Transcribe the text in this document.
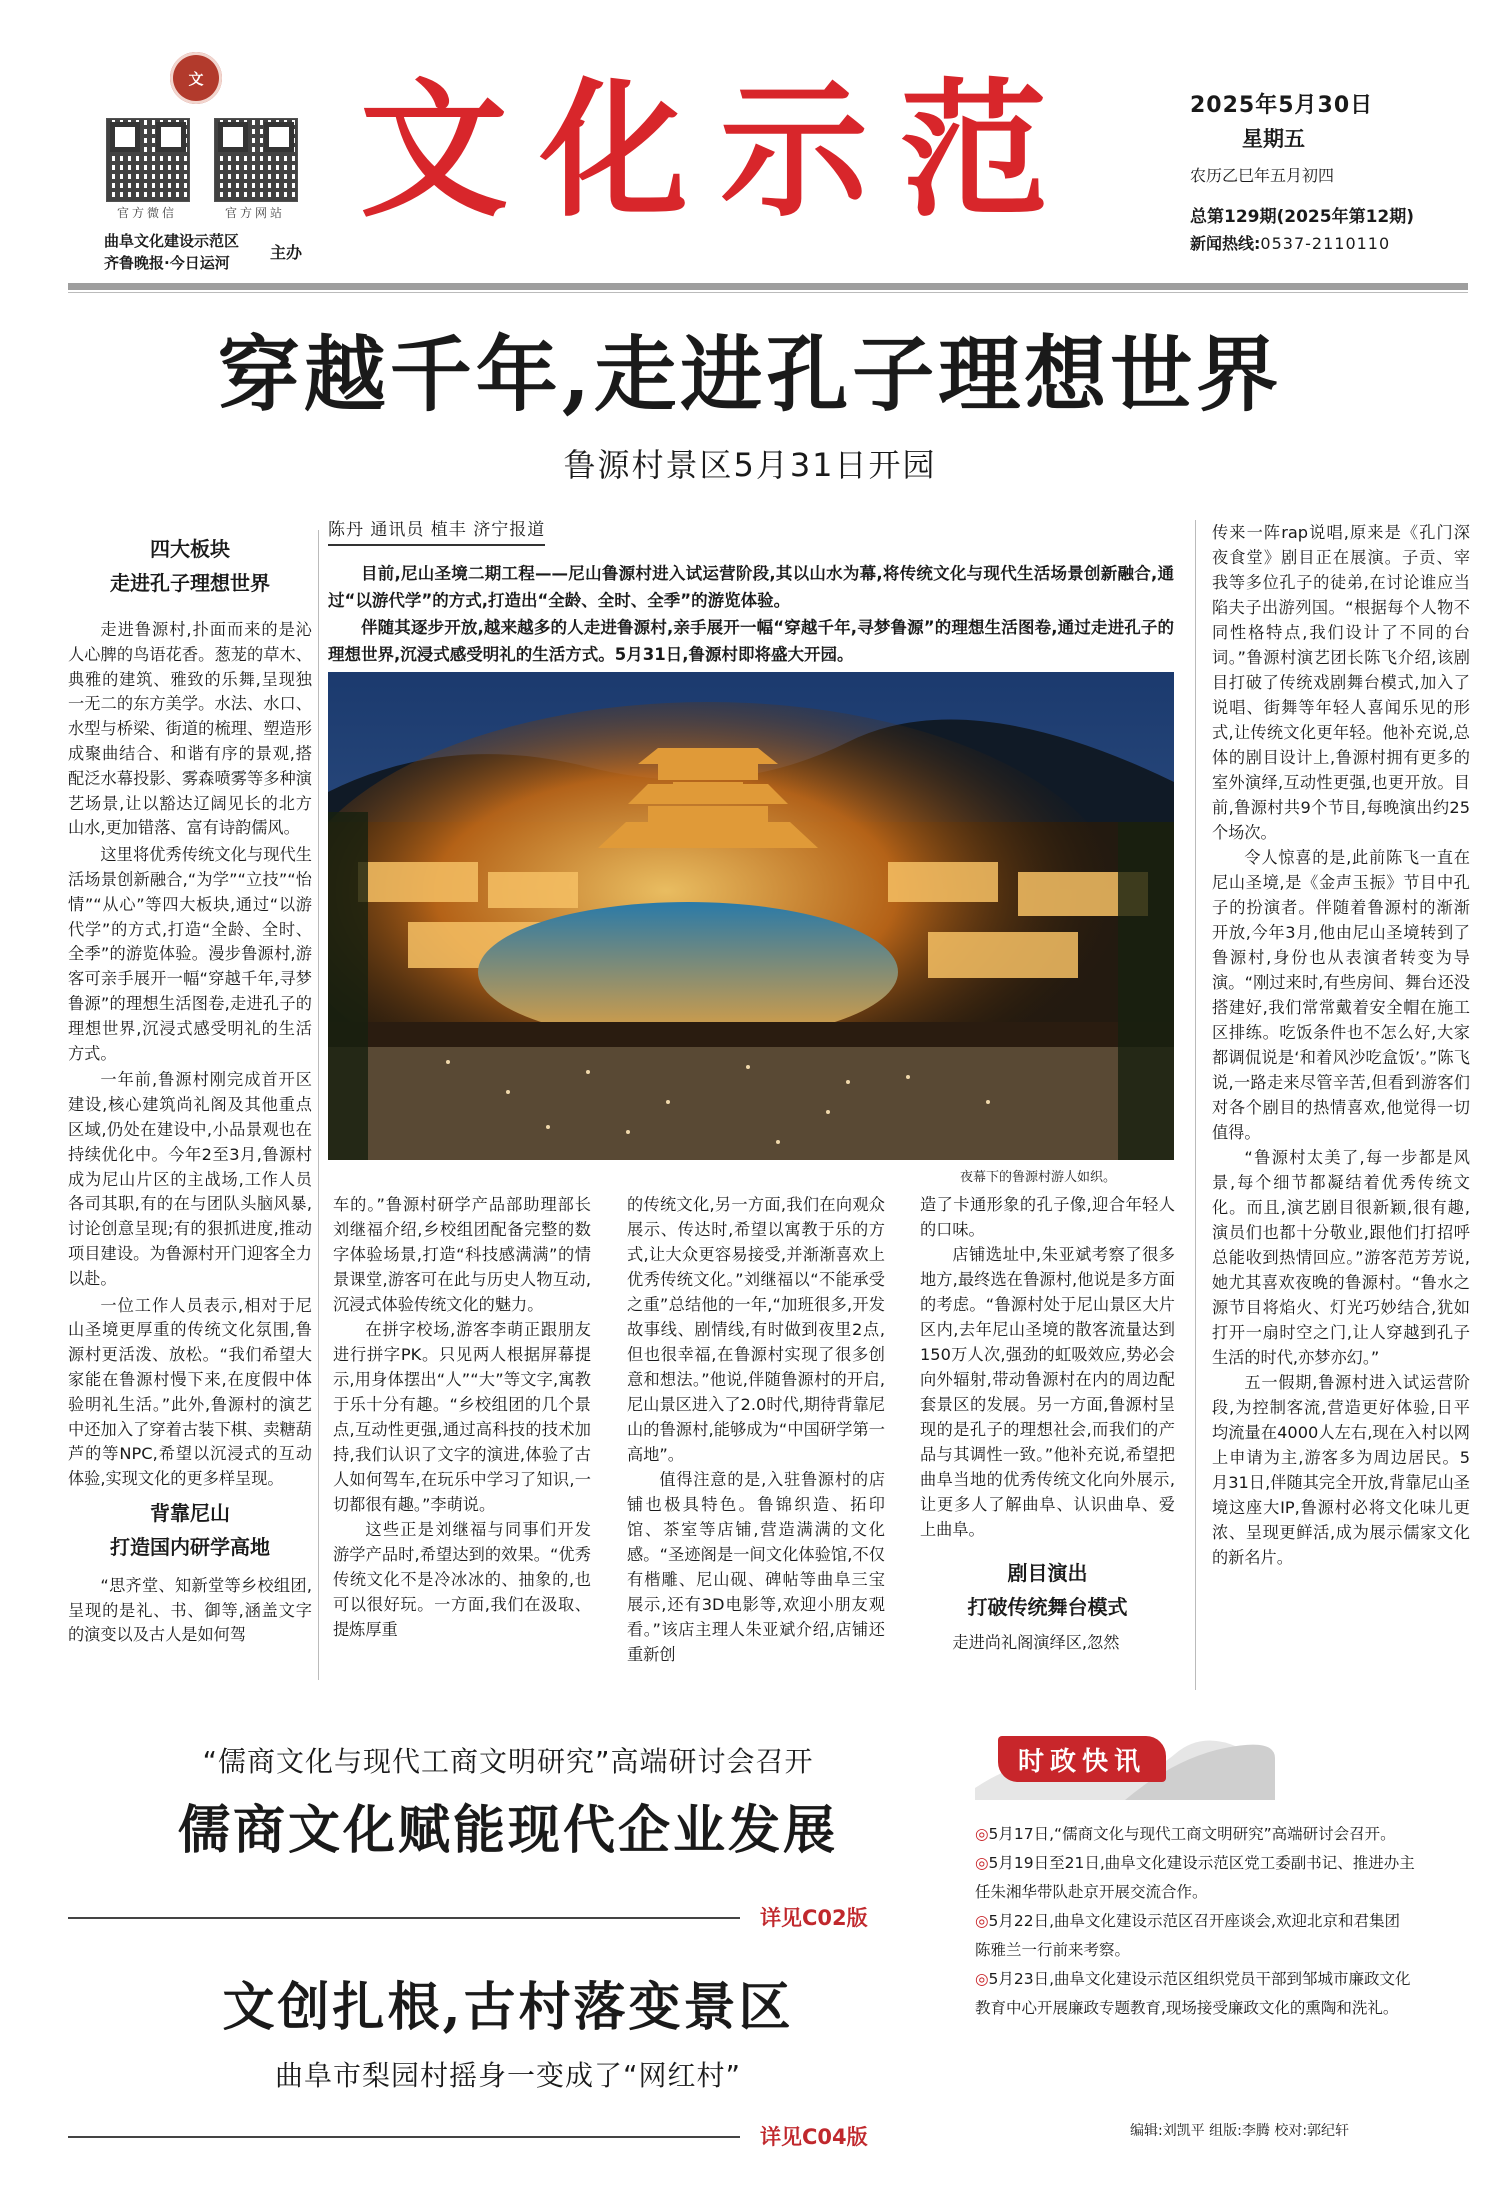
文
官方微信	官方网站
曲阜文化建设示范区
齐鲁晚报·今日运河
主办
文化示范	2025年5月30日
星期五
农历乙巳年五月初四
总第129期(2025年第12期)
新闻热线:0537-2110110
穿越千年,走进孔子理想世界
鲁源村景区5月31日开园
陈丹 通讯员 植丰 济宁报道

目前,尼山圣境二期工程——尼山鲁源村进入试运营阶段,其以山水为幕,将传统文化与现代生活场景创新融合,通过“以游代学”的方式,打造出“全龄、全时、全季”的游览体验。

伴随其逐步开放,越来越多的人走进鲁源村,亲手展开一幅“穿越千年,寻梦鲁源”的理想生活图卷,通过走进孔子的理想世界,沉浸式感受明礼的生活方式。5月31日,鲁源村即将盛大开园。

夜幕下的鲁源村游人如织。
四大板块
走进孔子理想世界

走进鲁源村,扑面而来的是沁人心脾的鸟语花香。葱茏的草木、典雅的建筑、雅致的乐舞,呈现独一无二的东方美学。水法、水口、水型与桥梁、街道的梳理、塑造形成聚曲结合、和谐有序的景观,搭配泛水幕投影、雾森喷雾等多种演艺场景,让以豁达辽阔见长的北方山水,更加错落、富有诗韵儒风。

这里将优秀传统文化与现代生活场景创新融合,“为学”“立技”“怡情”“从心”等四大板块,通过“以游代学”的方式,打造“全龄、全时、全季”的游览体验。漫步鲁源村,游客可亲手展开一幅“穿越千年,寻梦鲁源”的理想生活图卷,走进孔子的理想世界,沉浸式感受明礼的生活方式。

一年前,鲁源村刚完成首开区建设,核心建筑尚礼阁及其他重点区域,仍处在建设中,小品景观也在持续优化中。今年2至3月,鲁源村成为尼山片区的主战场,工作人员各司其职,有的在与团队头脑风暴,讨论创意呈现;有的狠抓进度,推动项目建设。为鲁源村开门迎客全力以赴。

一位工作人员表示,相对于尼山圣境更厚重的传统文化氛围,鲁源村更活泼、放松。“我们希望大家能在鲁源村慢下来,在度假中体验明礼生活。”此外,鲁源村的演艺中还加入了穿着古装下棋、卖糖葫芦的等NPC,希望以沉浸式的互动体验,实现文化的更多样呈现。

背靠尼山
打造国内研学高地

“思齐堂、知新堂等乡校组团,呈现的是礼、书、御等,涵盖文字的演变以及古人是如何驾

车的。”鲁源村研学产品部助理部长刘继福介绍,乡校组团配备完整的数字体验场景,打造“科技感满满”的情景课堂,游客可在此与历史人物互动,沉浸式体验传统文化的魅力。

在拼字校场,游客李萌正跟朋友进行拼字PK。只见两人根据屏幕提示,用身体摆出“人”“大”等文字,寓教于乐十分有趣。“乡校组团的几个景点,互动性更强,通过高科技的技术加持,我们认识了文字的演进,体验了古人如何驾车,在玩乐中学习了知识,一切都很有趣。”李萌说。

这些正是刘继福与同事们开发游学产品时,希望达到的效果。“优秀传统文化不是冷冰冰的、抽象的,也可以很好玩。一方面,我们在汲取、提炼厚重

的传统文化,另一方面,我们在向观众展示、传达时,希望以寓教于乐的方式,让大众更容易接受,并渐渐喜欢上优秀传统文化。”刘继福以“不能承受之重”总结他的一年,“加班很多,开发故事线、剧情线,有时做到夜里2点,但也很幸福,在鲁源村实现了很多创意和想法。”他说,伴随鲁源村的开启,尼山景区进入了2.0时代,期待背靠尼山的鲁源村,能够成为“中国研学第一高地”。

值得注意的是,入驻鲁源村的店铺也极具特色。鲁锦织造、拓印馆、茶室等店铺,营造满满的文化感。“圣迹阁是一间文化体验馆,不仅有楷雕、尼山砚、碑帖等曲阜三宝展示,还有3D电影等,欢迎小朋友观看。”该店主理人朱亚斌介绍,店铺还重新创

造了卡通形象的孔子像,迎合年轻人的口味。

店铺选址中,朱亚斌考察了很多地方,最终选在鲁源村,他说是多方面的考虑。“鲁源村处于尼山景区大片区内,去年尼山圣境的散客流量达到150万人次,强劲的虹吸效应,势必会向外辐射,带动鲁源村在内的周边配套景区的发展。另一方面,鲁源村呈现的是孔子的理想社会,而我们的产品与其调性一致。”他补充说,希望把曲阜当地的优秀传统文化向外展示,让更多人了解曲阜、认识曲阜、爱上曲阜。

剧目演出
打破传统舞台模式

走进尚礼阁演绎区,忽然

传来一阵rap说唱,原来是《孔门深夜食堂》剧目正在展演。子贡、宰我等多位孔子的徒弟,在讨论谁应当陷夫子出游列国。“根据每个人物不同性格特点,我们设计了不同的台词。”鲁源村演艺团长陈飞介绍,该剧目打破了传统戏剧舞台模式,加入了说唱、街舞等年轻人喜闻乐见的形式,让传统文化更年轻。他补充说,总体的剧目设计上,鲁源村拥有更多的室外演绎,互动性更强,也更开放。目前,鲁源村共9个节目,每晚演出约25个场次。

令人惊喜的是,此前陈飞一直在尼山圣境,是《金声玉振》节目中孔子的扮演者。伴随着鲁源村的渐渐开放,今年3月,他由尼山圣境转到了鲁源村,身份也从表演者转变为导演。“刚过来时,有些房间、舞台还没搭建好,我们常常戴着安全帽在施工区排练。吃饭条件也不怎么好,大家都调侃说是‘和着风沙吃盒饭’。”陈飞说,一路走来尽管辛苦,但看到游客们对各个剧目的热情喜欢,他觉得一切值得。

“鲁源村太美了,每一步都是风景,每个细节都凝结着优秀传统文化。而且,演艺剧目很新颖,很有趣,演员们也都十分敬业,跟他们打招呼总能收到热情回应。”游客范芳芳说,她尤其喜欢夜晚的鲁源村。“鲁水之源节目将焰火、灯光巧妙结合,犹如打开一扇时空之门,让人穿越到孔子生活的时代,亦梦亦幻。”

五一假期,鲁源村进入试运营阶段,为控制客流,营造更好体验,日平均流量在4000人左右,现在入村以网上申请为主,游客多为周边居民。5月31日,伴随其完全开放,背靠尼山圣境这座大IP,鲁源村必将文化味儿更浓、呈现更鲜活,成为展示儒家文化的新名片。

“儒商文化与现代工商文明研究”高端研讨会召开
儒商文化赋能现代企业发展
详见C02版
文创扎根,古村落变景区
曲阜市梨园村摇身一变成了“网红村”
详见C04版
时政快讯
◎5月17日,“儒商文化与现代工商文明研究”高端研讨会召开。
◎5月19日至21日,曲阜文化建设示范区党工委副书记、推进办主任朱湘华带队赴京开展交流合作。
◎5月22日,曲阜文化建设示范区召开座谈会,欢迎北京和君集团陈雅兰一行前来考察。
◎5月23日,曲阜文化建设示范区组织党员干部到邹城市廉政文化教育中心开展廉政专题教育,现场接受廉政文化的熏陶和洗礼。
编辑:刘凯平 组版:李腾 校对:郭纪轩
